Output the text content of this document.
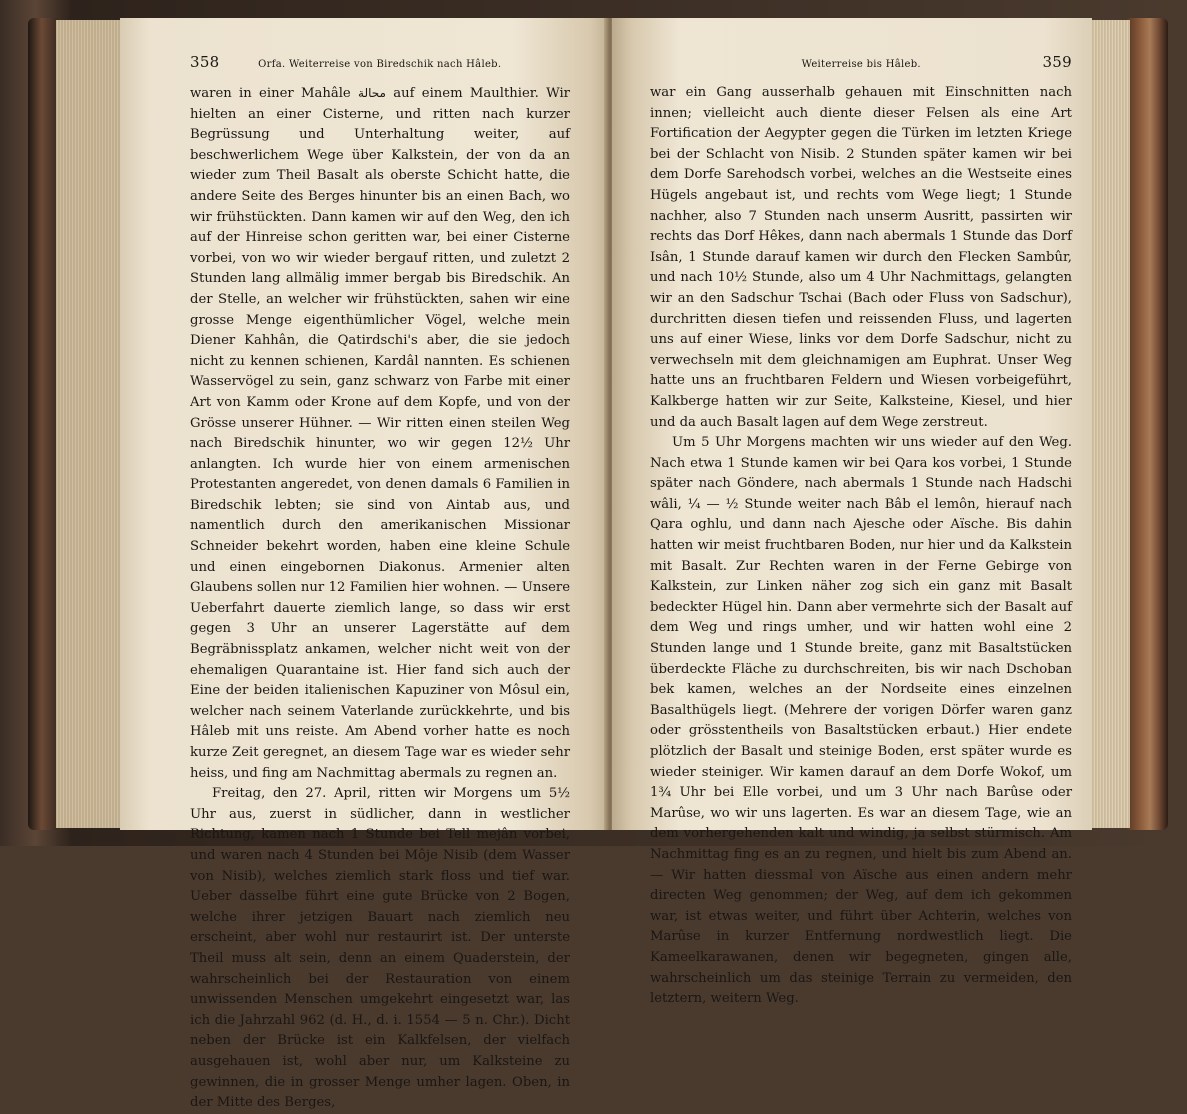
358	Orfa. Weiterreise von Biredschik nach Hâleb.

waren in einer Mahâle محالة auf einem Maulthier. Wir hielten an einer Cisterne, und ritten nach kurzer Begrüssung und Unterhaltung weiter, auf beschwerlichem Wege über Kalkstein, der von da an wieder zum Theil Basalt als oberste Schicht hatte, die andere Seite des Berges hinunter bis an einen Bach, wo wir frühstückten. Dann kamen wir auf den Weg, den ich auf der Hinreise schon geritten war, bei einer Cisterne vorbei, von wo wir wieder bergauf ritten, und zuletzt 2 Stunden lang allmälig immer bergab bis Biredschik. An der Stelle, an welcher wir frühstückten, sahen wir eine grosse Menge eigenthümlicher Vögel, welche mein Diener Kahhân, die Qatirdschi's aber, die sie jedoch nicht zu kennen schienen, Kardâl nannten. Es schienen Wasservögel zu sein, ganz schwarz von Farbe mit einer Art von Kamm oder Krone auf dem Kopfe, und von der Grösse unserer Hühner. — Wir ritten einen steilen Weg nach Biredschik hinunter, wo wir gegen 12½ Uhr anlangten. Ich wurde hier von einem armenischen Protestanten angeredet, von denen damals 6 Familien in Biredschik lebten; sie sind von Aintab aus, und namentlich durch den amerikanischen Missionar Schneider bekehrt worden, haben eine kleine Schule und einen eingebornen Diakonus. Armenier alten Glaubens sollen nur 12 Familien hier wohnen. — Unsere Ueberfahrt dauerte ziemlich lange, so dass wir erst gegen 3 Uhr an unserer Lagerstätte auf dem Begräbnissplatz ankamen, welcher nicht weit von der ehemaligen Quarantaine ist. Hier fand sich auch der Eine der beiden italienischen Kapuziner von Môsul ein, welcher nach seinem Vaterlande zurückkehrte, und bis Hâleb mit uns reiste. Am Abend vorher hatte es noch kurze Zeit geregnet, an diesem Tage war es wieder sehr heiss, und fing am Nachmittag abermals zu regnen an.

Freitag, den 27. April, ritten wir Morgens um 5½ Uhr aus, zuerst in südlicher, dann in westlicher Richtung, kamen nach 1 Stunde bei Tell mejân vorbei, und waren nach 4 Stunden bei Môje Nisib (dem Wasser von Nisib), welches ziemlich stark floss und tief war. Ueber dasselbe führt eine gute Brücke von 2 Bogen, welche ihrer jetzigen Bauart nach ziemlich neu erscheint, aber wohl nur restaurirt ist. Der unterste Theil muss alt sein, denn an einem Quaderstein, der wahrscheinlich bei der Restauration von einem unwissenden Menschen umgekehrt eingesetzt war, las ich die Jahrzahl 962 (d. H., d. i. 1554 — 5 n. Chr.). Dicht neben der Brücke ist ein Kalkfelsen, der vielfach ausgehauen ist, wohl aber nur, um Kalksteine zu gewinnen, die in grosser Menge umher lagen. Oben, in der Mitte des Berges,

Weiterreise bis Hâleb.	359

war ein Gang ausserhalb gehauen mit Einschnitten nach innen; vielleicht auch diente dieser Felsen als eine Art Fortification der Aegypter gegen die Türken im letzten Kriege bei der Schlacht von Nisib. 2 Stunden später kamen wir bei dem Dorfe Sarehodsch vorbei, welches an die Westseite eines Hügels angebaut ist, und rechts vom Wege liegt; 1 Stunde nachher, also 7 Stunden nach unserm Ausritt, passirten wir rechts das Dorf Hêkes, dann nach abermals 1 Stunde das Dorf Isân, 1 Stunde darauf kamen wir durch den Flecken Sambûr, und nach 10½ Stunde, also um 4 Uhr Nachmittags, gelangten wir an den Sadschur Tschai (Bach oder Fluss von Sadschur), durchritten diesen tiefen und reissenden Fluss, und lagerten uns auf einer Wiese, links vor dem Dorfe Sadschur, nicht zu verwechseln mit dem gleichnamigen am Euphrat. Unser Weg hatte uns an fruchtbaren Feldern und Wiesen vorbeigeführt, Kalkberge hatten wir zur Seite, Kalksteine, Kiesel, und hier und da auch Basalt lagen auf dem Wege zerstreut.

Um 5 Uhr Morgens machten wir uns wieder auf den Weg. Nach etwa 1 Stunde kamen wir bei Qara kos vorbei, 1 Stunde später nach Göndere, nach abermals 1 Stunde nach Hadschi wâli, ¼ — ½ Stunde weiter nach Bâb el lemôn, hierauf nach Qara oghlu, und dann nach Ajesche oder Aïsche. Bis dahin hatten wir meist fruchtbaren Boden, nur hier und da Kalkstein mit Basalt. Zur Rechten waren in der Ferne Gebirge von Kalkstein, zur Linken näher zog sich ein ganz mit Basalt bedeckter Hügel hin. Dann aber vermehrte sich der Basalt auf dem Weg und rings umher, und wir hatten wohl eine 2 Stunden lange und 1 Stunde breite, ganz mit Basaltstücken überdeckte Fläche zu durchschreiten, bis wir nach Dschoban bek kamen, welches an der Nordseite eines einzelnen Basalthügels liegt. (Mehrere der vorigen Dörfer waren ganz oder grösstentheils von Basaltstücken erbaut.) Hier endete plötzlich der Basalt und steinige Boden, erst später wurde es wieder steiniger. Wir kamen darauf an dem Dorfe Wokof, um 1¾ Uhr bei Elle vorbei, und um 3 Uhr nach Barûse oder Marûse, wo wir uns lagerten. Es war an diesem Tage, wie an dem vorhergehenden kalt und windig, ja selbst stürmisch. Am Nachmittag fing es an zu regnen, und hielt bis zum Abend an. — Wir hatten diessmal von Aïsche aus einen andern mehr directen Weg genommen; der Weg, auf dem ich gekommen war, ist etwas weiter, und führt über Achterin, welches von Marûse in kurzer Entfernung nordwestlich liegt. Die Kameelkarawanen, denen wir begegneten, gingen alle, wahrscheinlich um das steinige Terrain zu vermeiden, den letztern, weitern Weg.
